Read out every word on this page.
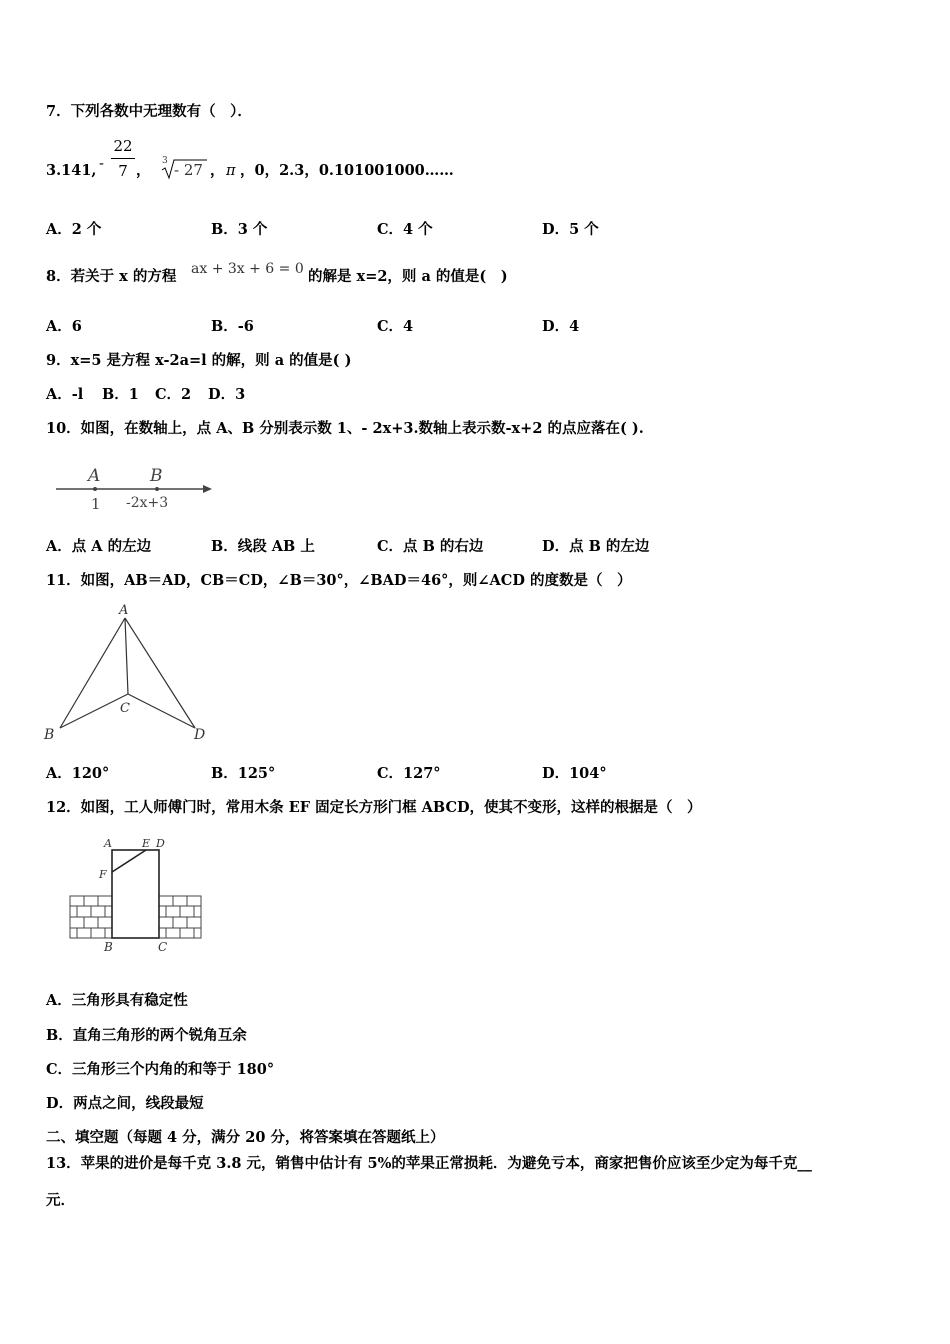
7．下列各数中无理数有（　）．
3.141, -
22
7 ，
3 - 27 ， π ，0，2.3，0.101001000……
A．2 个	B．3 个	C．4 个	D．5 个
8．若关于 x 的方程 ax + 3x + 6 = 0 的解是 x=2，则 a 的值是(　)
A．6	B．-6	C．4	D．4
9．x=5 是方程 x-2a=l 的解，则 a 的值是( )
A．-l B．1 C．2 D．3
10．如图，在数轴上，点 A、B 分别表示数 1、- 2x+3.数轴上表示数-x+2 的点应落在( ).
A	B
1 -2x+3
A．点 A 的左边	B．线段 AB 上	C．点 B 的右边	D．点 B 的左边
11．如图，AB＝AD，CB＝CD，∠B＝30°，∠BAD＝46°，则∠ACD 的度数是（　）
A
B
C
D
A．120°	B．125°	C．127°	D．104°
12．如图，工人师傅门时，常用木条 EF 固定长方形门框 ABCD，使其不变形，这样的根据是（　）
A	E D
F
B	C
A．三角形具有稳定性
B．直角三角形的两个锐角互余
C．三角形三个内角的和等于 180°
D．两点之间，线段最短
二、填空题（每题 4 分，满分 20 分，将答案填在答题纸上）
13．苹果的进价是每千克 3.8 元，销售中估计有 5%的苹果正常损耗．为避免亏本，商家把售价应该至少定为每千克__
元．
